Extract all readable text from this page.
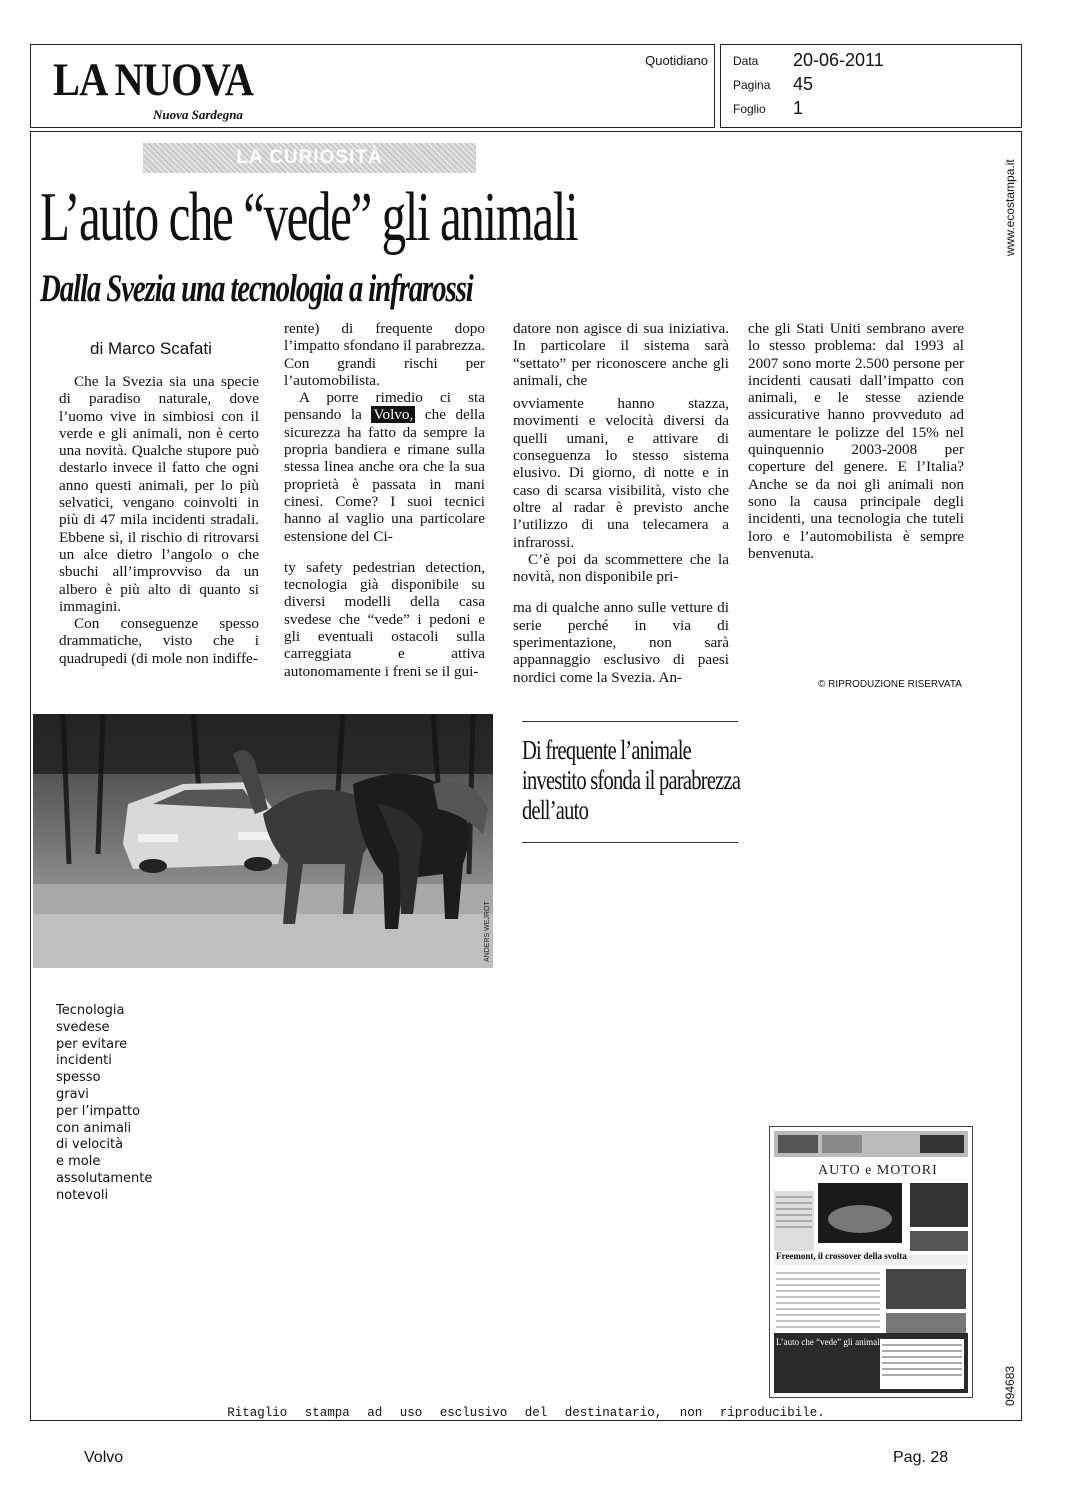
LA NUOVA
Nuova Sardegna
Quotidiano Data 20-06-2011
Pagina 45
Foglio 1
www.ecostampa.it
094683
LA CURIOSITÀ
L’auto che “vede” gli animali
Dalla Svezia una tecnologia a infrarossi
di Marco Scafati

Che la Svezia sia una specie di paradiso naturale, dove l’uomo vive in simbiosi con il verde e gli animali, non è certo una novità. Qualche stupore può destarlo invece il fatto che ogni anno questi animali, per lo più selvatici, vengano coinvolti in più di 47 mila incidenti stradali. Ebbene sì, il rischio di ritrovarsi un alce dietro l’angolo o che sbuchi all’improvviso da un albero è più alto di quanto si immagini.

Con conseguenze spesso drammatiche, visto che i quadrupedi (di mole non indiffe-

rente) di frequente dopo l’impatto sfondano il parabrezza. Con grandi rischi per l’automobilista.

A porre rimedio ci sta pensando la Volvo, che della sicurezza ha fatto da sempre la propria bandiera e rimane sulla stessa linea anche ora che la sua proprietà è passata in mani cinesi. Come? I suoi tecnici hanno al vaglio una particolare estensione del Ci-

ty safety pedestrian detection, tecnologia già disponibile su diversi modelli della casa svedese che “vede” i pedoni e gli eventuali ostacoli sulla carreggiata e attiva autonomamente i freni se il gui-

datore non agisce di sua iniziativa. In particolare il sistema sarà “settato” per riconoscere anche gli animali, che

ovviamente hanno stazza, movimenti e velocità diversi da quelli umani, e attivare di conseguenza lo stesso sistema elusivo. Di giorno, di notte e in caso di scarsa visibilità, visto che oltre al radar è previsto anche l’utilizzo di una telecamera a infrarossi.

C’è poi da scommettere che la novità, non disponibile pri-

ma di qualche anno sulle vetture di serie perché in via di sperimentazione, non sarà appannaggio esclusivo di paesi nordici come la Svezia. An-

che gli Stati Uniti sembrano avere lo stesso problema: dal 1993 al 2007 sono morte 2.500 persone per incidenti causati dall’impatto con animali, e le stesse aziende assicurative hanno provveduto ad aumentare le polizze del 15% nel quinquennio 2003-2008 per coperture del genere. E l’Italia? Anche se da noi gli animali non sono la causa principale degli incidenti, una tecnologia che tuteli loro e l’automobilista è sempre benvenuta.

© RIPRODUZIONE RISERVATA
ANDERS WEJROT
Di frequente l’animale investito sfonda il parabrezza dell’auto
Tecnologia
svedese
per evitare
incidenti
spesso
gravi
per l’impatto
con animali
di velocità
e mole
assolutamente
notevoli
AUTO e MOTORI
Freemont, il crossover della svolta
L’auto che “vede” gli animali
Ritaglio stampa ad uso esclusivo del destinatario, non riproducibile.
Volvo	Pag. 28
